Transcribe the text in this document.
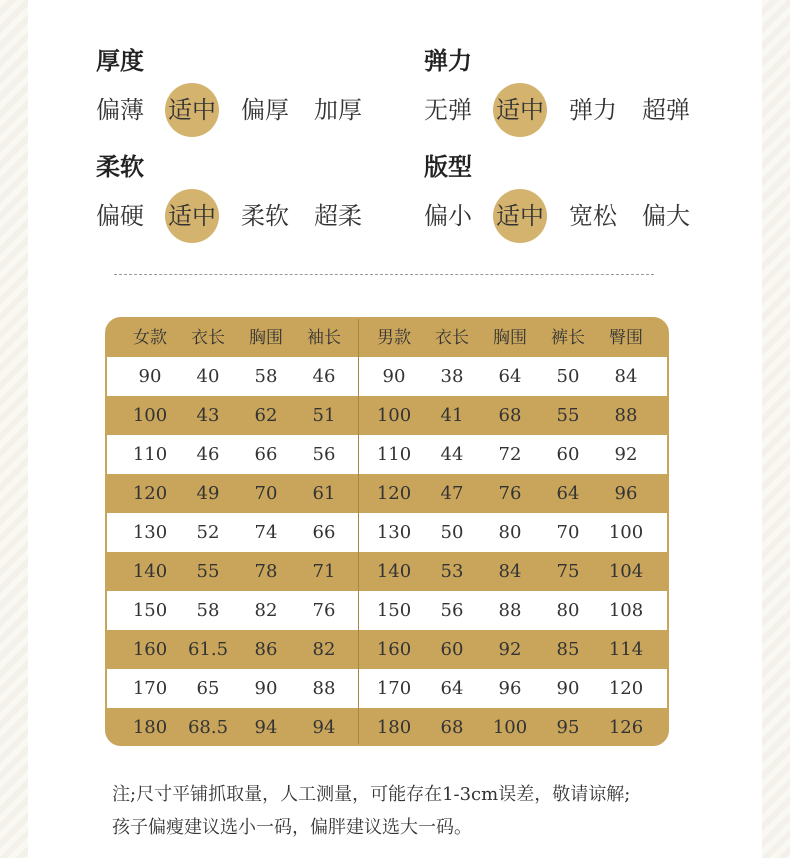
厚度
偏薄 适中 偏厚 加厚
弹力
无弹 适中 弹力 超弹
柔软
偏硬 适中 柔软 超柔
版型
偏小 适中 宽松 偏大
女款	衣长	胸围	袖长	男款	衣长	胸围	裤长	臀围
90	40	58	46	90	38	64	50	84
100	43	62	51	100	41	68	55	88
110	46	66	56	110	44	72	60	92
120	49	70	61	120	47	76	64	96
130	52	74	66	130	50	80	70	100
140	55	78	71	140	53	84	75	104
150	58	82	76	150	56	88	80	108
160	61.5	86	82	160	60	92	85	114
170	65	90	88	170	64	96	90	120
180	68.5	94	94	180	68	100	95	126
注;尺寸平铺抓取量，人工测量，可能存在1-3cm误差，敬请谅解;
孩子偏瘦建议选小一码，偏胖建议选大一码。
